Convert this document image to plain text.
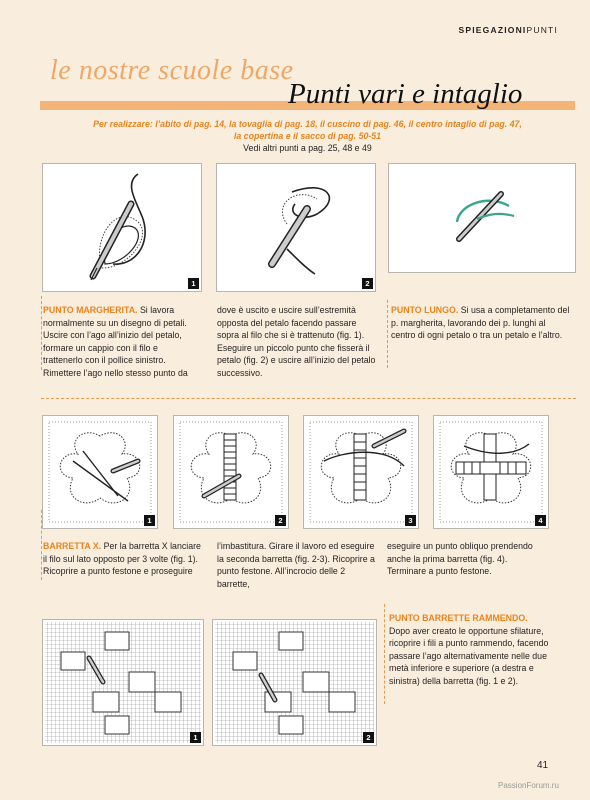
SPIEGAZIONIPUNTI
le nostre scuole base
Punti vari e intaglio
Per realizzare: l’abito di pag. 14, la tovaglia di pag. 18, il cuscino di pag. 46, il centro intaglio di pag. 47,
la copertina e il sacco di pag. 50-51
Vedi altri punti a pag. 25, 48 e 49
1	2
PUNTO MARGHERITA. Si lavora normalmente su un disegno di petali. Uscire con l’ago all’inizio del petalo, formare un cappio con il filo e trattenerlo con il pollice sinistro.
Rimettere l’ago nello stesso punto da
dove è uscito e uscire sull’estremità opposta del petalo facendo passare sopra al filo che si è trattenuto (fig. 1). Eseguire un piccolo punto che fisserà il petalo (fig. 2) e uscire all’inizio del petalo successivo.
PUNTO LUNGO. Si usa a completamento del p. margherita, lavorando dei p. lunghi al centro di ogni petalo o tra un petalo e l’altro.
1	2	3	4
BARRETTA X. Per la barretta X lanciare il filo sul lato opposto per 3 volte (fig. 1). Ricoprire a punto festone e proseguire
l’imbastitura. Girare il lavoro ed eseguire la seconda barretta (fig. 2-3). Ricoprire a punto festone. All’incrocio delle 2 barrette,
eseguire un punto obliquo prendendo anche la prima barretta (fig. 4). Terminare a punto festone.
1	2
PUNTO BARRETTE RAMMENDO.
Dopo aver creato le opportune sfilature, ricoprire i fili a punto rammendo, facendo passare l’ago alternativamente nelle due metà inferiore e superiore (a destra e sinistra) della barretta (fig. 1 e 2).
41
PassionForum.ru
